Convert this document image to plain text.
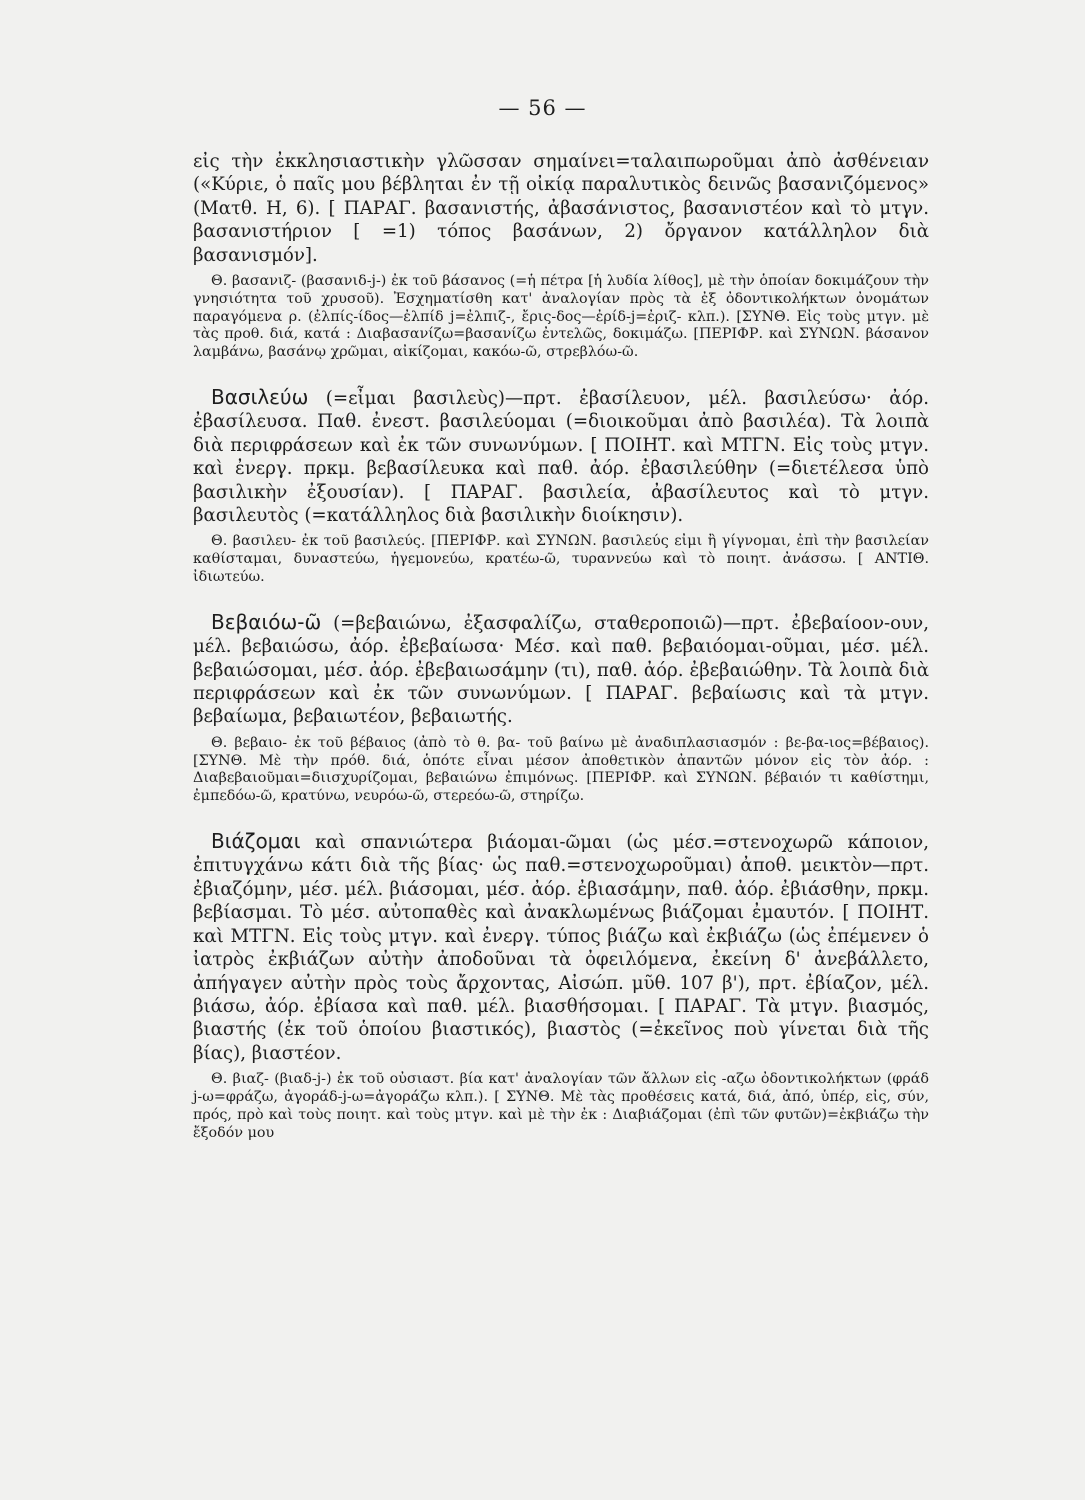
— 56 —

εἰς τὴν ἐκκλησιαστικὴν γλῶσσαν σημαίνει=ταλαιπωροῦμαι ἀπὸ ἀσθένειαν («Κύριε, ὁ παῖς μου βέβληται ἐν τῇ οἰκίᾳ παραλυτικὸς δεινῶς βασανιζόμενος» (Ματθ. Η, 6). [ ΠΑΡΑΓ. βασανιστής, ἀβασάνιστος, βασανιστέον καὶ τὸ μτγν. βασανιστήριον [ =1) τόπος βασάνων, 2) ὄργανον κατάλληλον διὰ βασανισμόν].

Θ. βασανιζ- (βασανιδ-j-) ἐκ τοῦ βάσανος (=ἡ πέτρα [ἡ λυδία λίθος], μὲ τὴν ὁποίαν δοκιμάζουν τὴν γνησιότητα τοῦ χρυσοῦ). Ἐσχηματίσθη κατ' ἀναλογίαν πρὸς τὰ ἐξ ὀδοντικολήκτων ὀνομάτων παραγόμενα ρ. (ἐλπίς-ίδος—ἐλπίδ j=ἐλπιζ-, ἔρις-δος—ἐρίδ-j=ἐριζ- κλπ.). [ΣΥΝΘ. Εἰς τοὺς μτγν. μὲ τὰς προθ. διά, κατά : Διαβασανίζω=βασανίζω ἐντελῶς, δοκιμάζω. [ΠΕΡΙΦΡ. καὶ ΣΥΝΩΝ. βάσανον λαμβάνω, βασάνῳ χρῶμαι, αἰκίζομαι, κακόω-ῶ, στρεβλόω-ῶ.

Βασιλεύω (=εἶμαι βασιλεὺς)—πρτ. ἐβασίλευον, μέλ. βασιλεύσω· ἀόρ. ἐβασίλευσα. Παθ. ἐνεστ. βασιλεύομαι (=διοικοῦμαι ἀπὸ βασιλέα). Τὰ λοιπὰ διὰ περιφράσεων καὶ ἐκ τῶν συνωνύμων. [ ΠΟΙΗΤ. καὶ ΜΤΓΝ. Εἰς τοὺς μτγν. καὶ ἐνεργ. πρκμ. βεβασίλευκα καὶ παθ. ἀόρ. ἐβασιλεύθην (=διετέλεσα ὑπὸ βασιλικὴν ἐξουσίαν). [ ΠΑΡΑΓ. βασιλεία, ἀβασίλευτος καὶ τὸ μτγν. βασιλευτὸς (=κατάλληλος διὰ βασιλικὴν διοίκησιν).

Θ. βασιλευ- ἐκ τοῦ βασιλεύς. [ΠΕΡΙΦΡ. καὶ ΣΥΝΩΝ. βασιλεύς εἰμι ἢ γίγνομαι, ἐπὶ τὴν βασιλείαν καθίσταμαι, δυναστεύω, ἡγεμονεύω, κρατέω-ῶ, τυραννεύω καὶ τὸ ποιητ. ἀνάσσω. [ ΑΝΤΙΘ. ἰδιωτεύω.

Βεβαιόω-ῶ (=βεβαιώνω, ἐξασφαλίζω, σταθεροποιῶ)—πρτ. ἐβεβαίοον-ουν, μέλ. βεβαιώσω, ἀόρ. ἐβεβαίωσα· Μέσ. καὶ παθ. βεβαιόομαι-οῦμαι, μέσ. μέλ. βεβαιώσομαι, μέσ. ἀόρ. ἐβεβαιωσάμην (τι), παθ. ἀόρ. ἐβεβαιώθην. Τὰ λοιπὰ διὰ περιφράσεων καὶ ἐκ τῶν συνωνύμων. [ ΠΑΡΑΓ. βεβαίωσις καὶ τὰ μτγν. βεβαίωμα, βεβαιωτέον, βεβαιωτής.

Θ. βεβαιο- ἐκ τοῦ βέβαιος (ἀπὸ τὸ θ. βα- τοῦ βαίνω μὲ ἀναδιπλασιασμόν : βε-βα-ιος=βέβαιος). [ΣΥΝΘ. Μὲ τὴν πρόθ. διά, ὁπότε εἶναι μέσον ἀποθετικὸν ἀπαντῶν μόνον εἰς τὸν ἀόρ. : Διαβεβαιοῦμαι=διισχυρίζομαι, βεβαιώνω ἐπιμόνως. [ΠΕΡΙΦΡ. καὶ ΣΥΝΩΝ. βέβαιόν τι καθίστημι, ἐμπεδόω-ῶ, κρατύνω, νευρόω-ῶ, στερεόω-ῶ, στηρίζω.

Βιάζομαι καὶ σπανιώτερα βιάομαι-ῶμαι (ὡς μέσ.=στενοχωρῶ κάποιον, ἐπιτυγχάνω κάτι διὰ τῆς βίας· ὡς παθ.=στενοχωροῦμαι) ἀποθ. μεικτὸν—πρτ. ἐβιαζόμην, μέσ. μέλ. βιάσομαι, μέσ. ἀόρ. ἐβιασάμην, παθ. ἀόρ. ἐβιάσθην, πρκμ. βεβίασμαι. Τὸ μέσ. αὐτοπαθὲς καὶ ἀνακλωμένως βιάζομαι ἐμαυτόν. [ ΠΟΙΗΤ. καὶ ΜΤΓΝ. Εἰς τοὺς μτγν. καὶ ἐνεργ. τύπος βιάζω καὶ ἐκβιάζω (ὡς ἐπέμενεν ὁ ἰατρὸς ἐκβιάζων αὐτὴν ἀποδοῦναι τὰ ὀφειλόμενα, ἐκείνη δ' ἀνεβάλλετο, ἀπήγαγεν αὐτὴν πρὸς τοὺς ἄρχοντας, Αἰσώπ. μῦθ. 107 β'), πρτ. ἐβίαζον, μέλ. βιάσω, ἀόρ. ἐβίασα καὶ παθ. μέλ. βιασθήσομαι. [ ΠΑΡΑΓ. Τὰ μτγν. βιασμός, βιαστής (ἐκ τοῦ ὁποίου βιαστικός), βιαστὸς (=ἐκεῖνος ποὺ γίνεται διὰ τῆς βίας), βιαστέον.

Θ. βιαζ- (βιαδ-j-) ἐκ τοῦ οὐσιαστ. βία κατ' ἀναλογίαν τῶν ἄλλων εἰς -αζω ὀδοντικολήκτων (φράδ j-ω=φράζω, ἀγοράδ-j-ω=ἀγοράζω κλπ.). [ ΣΥΝΘ. Μὲ τὰς προθέσεις κατά, διά, ἀπό, ὑπέρ, εἰς, σύν, πρός, πρὸ καὶ τοὺς ποιητ. καὶ τοὺς μτγν. καὶ μὲ τὴν ἐκ : Διαβιάζομαι (ἐπὶ τῶν φυτῶν)=ἐκβιάζω τὴν ἔξοδόν μου
